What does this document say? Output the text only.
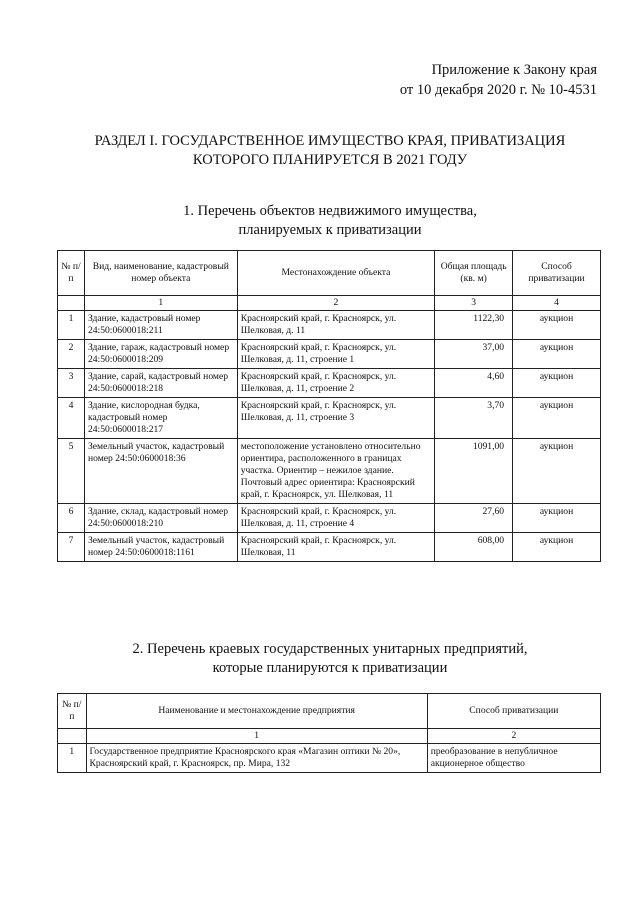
Приложение к Закону края
от 10 декабря 2020 г. № 10-4531
РАЗДЕЛ I. ГОСУДАРСТВЕННОЕ ИМУЩЕСТВО КРАЯ, ПРИВАТИЗАЦИЯ
КОТОРОГО ПЛАНИРУЕТСЯ В 2021 ГОДУ
1. Перечень объектов недвижимого имущества,
планируемых к приватизации
№ п/п	Вид, наименование, кадастровый номер объекта	Местонахождение объекта	Общая площадь (кв. м)	Способ приватизации
	1	2	3	4
1	Здание, кадастровый номер 24:50:0600018:211	Красноярский край, г. Красноярск, ул. Шелковая, д. 11	1122,30	аукцион
2	Здание, гараж, кадастровый номер 24:50:0600018:209	Красноярский край, г. Красноярск, ул. Шелковая, д. 11, строение 1	37,00	аукцион
3	Здание, сарай, кадастровый номер 24:50:0600018:218	Красноярский край, г. Красноярск, ул. Шелковая, д. 11, строение 2	4,60	аукцион
4	Здание, кислородная будка, кадастровый номер 24:50:0600018:217	Красноярский край, г. Красноярск, ул. Шелковая, д. 11, строение 3	3,70	аукцион
5	Земельный участок, кадастровый номер 24:50:0600018:36	местоположение установлено относительно ориентира, расположенного в границах участка. Ориентир – нежилое здание. Почтовый адрес ориентира: Красноярский край, г. Красноярск, ул. Шелковая, 11	1091,00	аукцион
6	Здание, склад, кадастровый номер 24:50:0600018:210	Красноярский край, г. Красноярск, ул. Шелковая, д. 11, строение 4	27,60	аукцион
7	Земельный участок, кадастровый номер 24:50:0600018:1161	Красноярский край, г. Красноярск, ул. Шелковая, 11	608,00	аукцион
2. Перечень краевых государственных унитарных предприятий,
которые планируются к приватизации
№ п/п	Наименование и местонахождение предприятия	Способ приватизации
	1	2
1	Государственное предприятие Красноярского края «Магазин оптики № 20», Красноярский край, г. Красноярск, пр. Мира, 132	преобразование в непубличное акционерное общество
